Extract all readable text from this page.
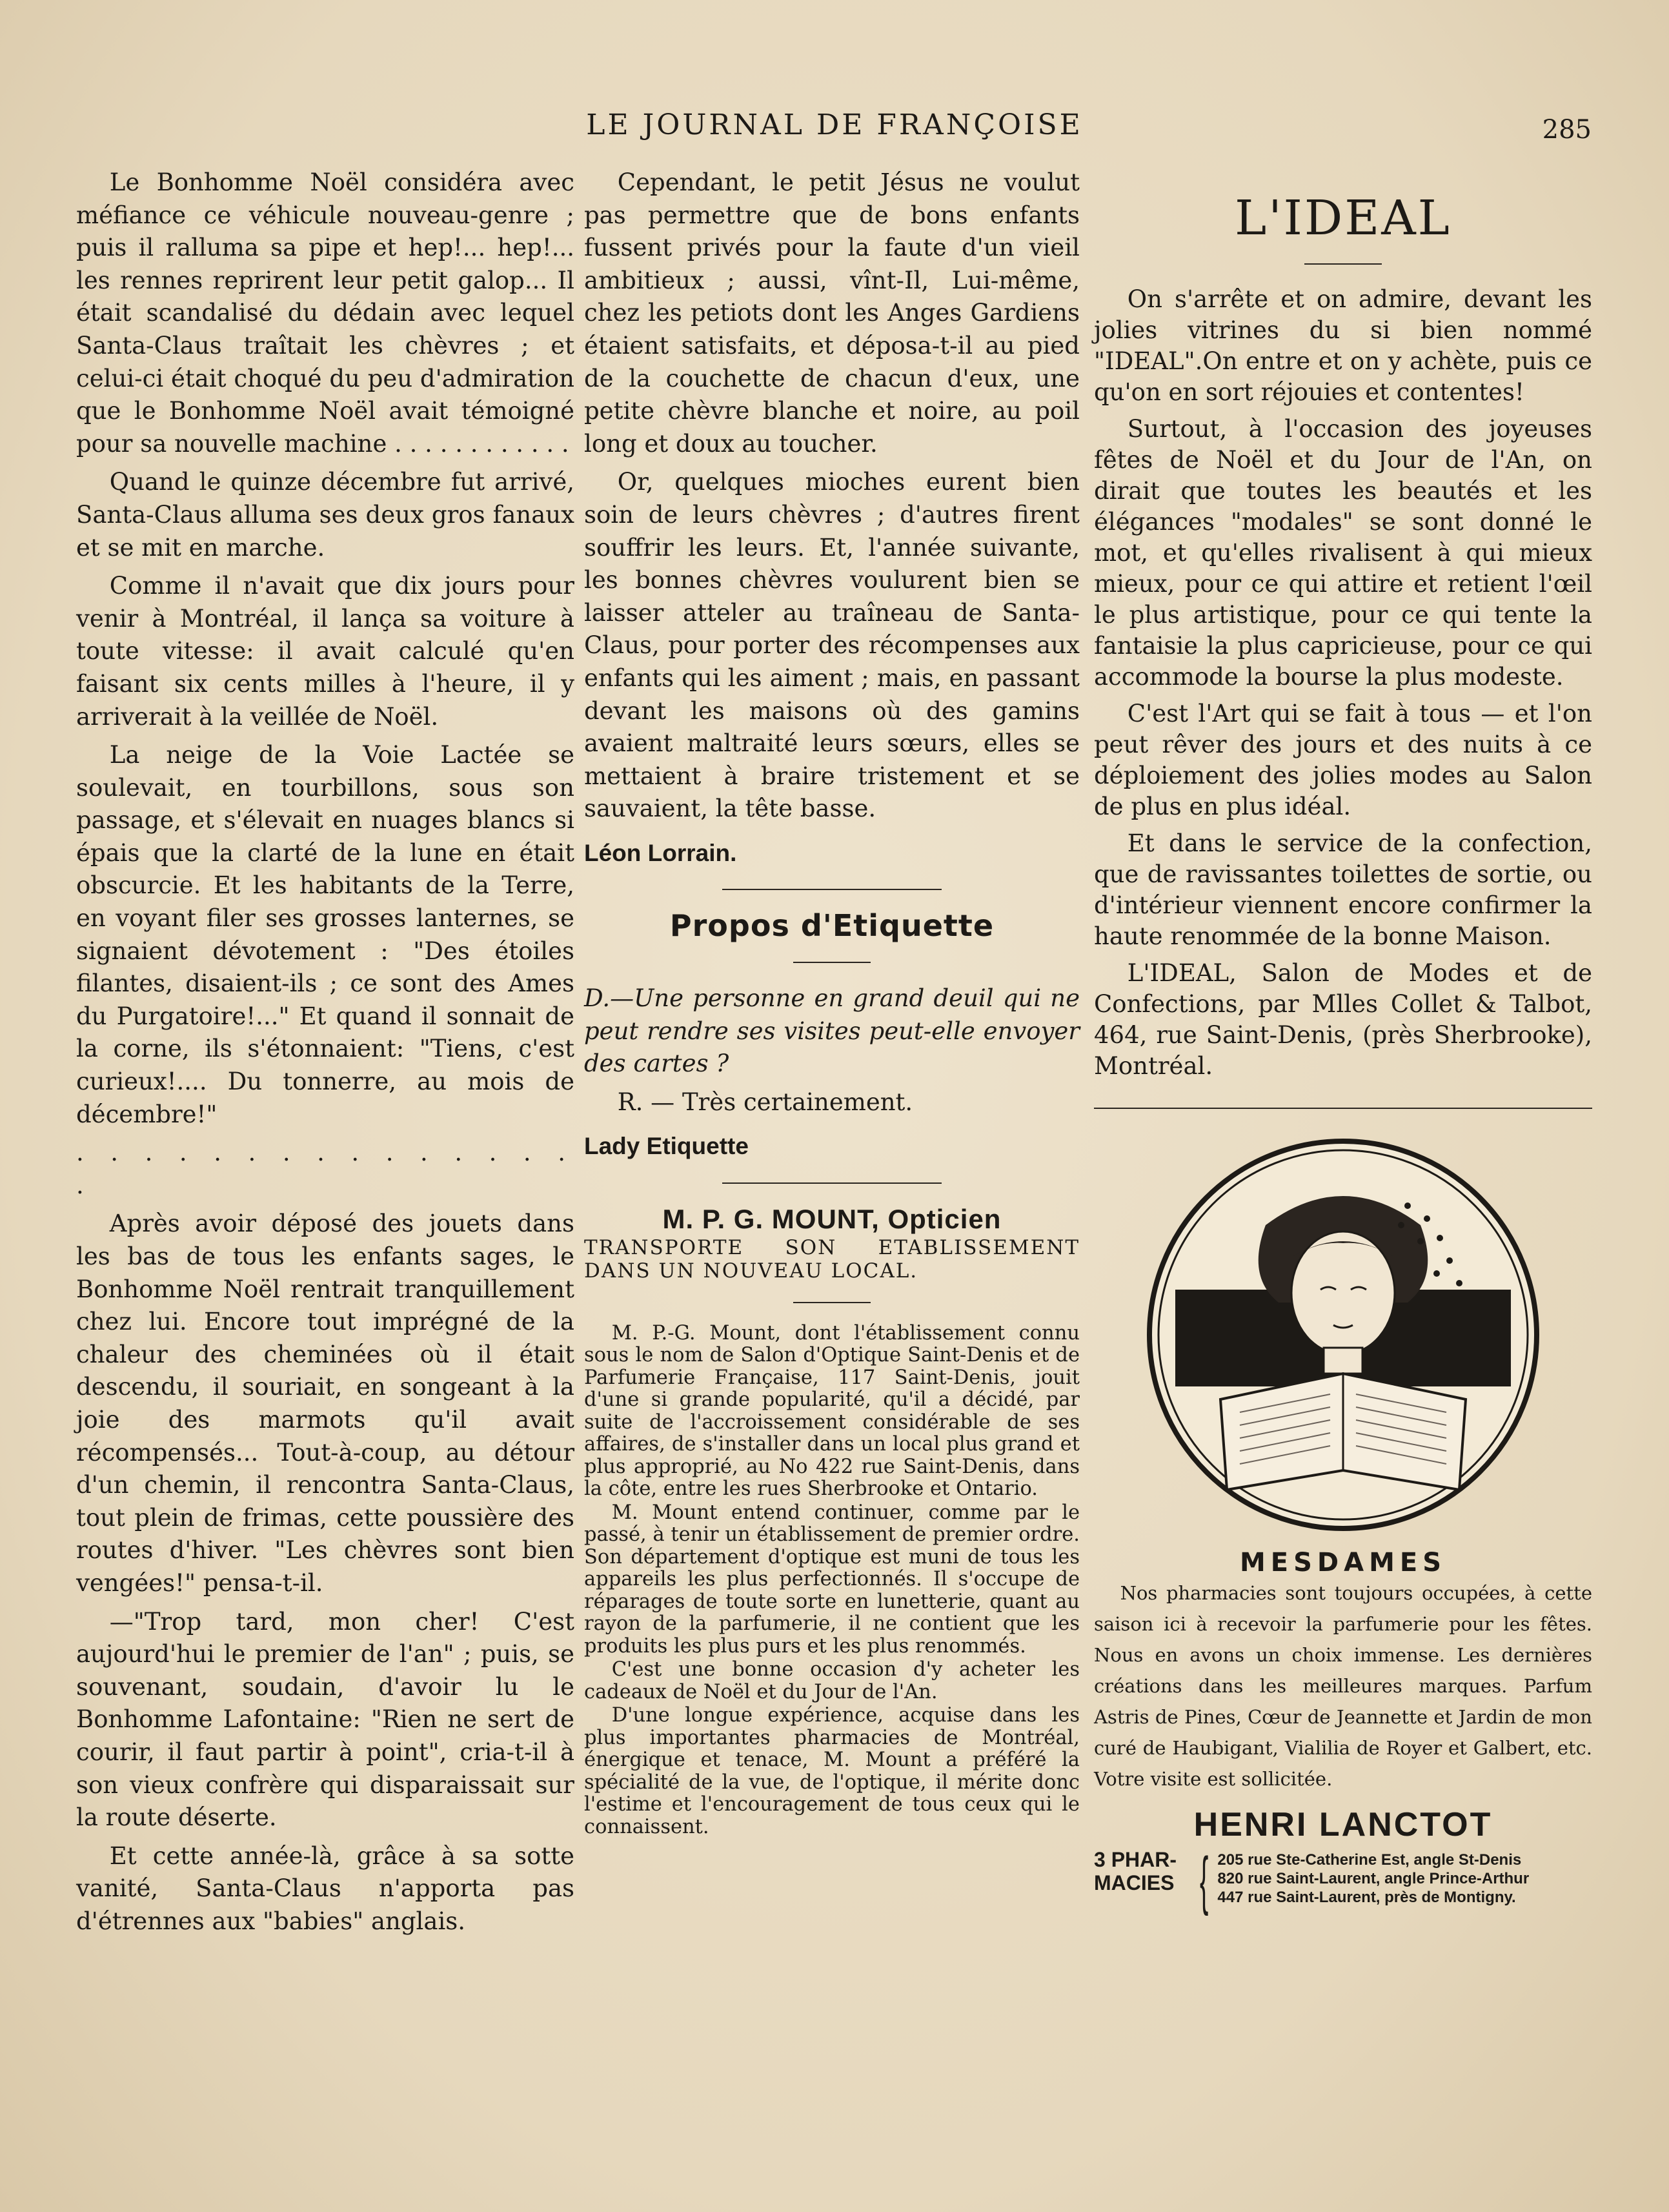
LE JOURNAL DE FRANÇOISE	285

Le Bonhomme Noël considéra avec méfiance ce véhicule nouveau-genre ; puis il ralluma sa pipe et hep!... hep!... les rennes reprirent leur petit galop... Il était scandalisé du dédain avec lequel Santa-Claus traîtait les chèvres ; et celui-ci était choqué du peu d'admiration que le Bonhomme Noël avait témoigné pour sa nouvelle machine . . . . . . . . . . . .

Quand le quinze décembre fut arrivé, Santa-Claus alluma ses deux gros fanaux et se mit en marche.

Comme il n'avait que dix jours pour venir à Montréal, il lança sa voiture à toute vitesse: il avait calculé qu'en faisant six cents milles à l'heure, il y arriverait à la veillée de Noël.

La neige de la Voie Lactée se soulevait, en tourbillons, sous son passage, et s'élevait en nuages blancs si épais que la clarté de la lune en était obscurcie. Et les habitants de la Terre, en voyant filer ses grosses lanternes, se signaient dévotement : "Des étoiles filantes, disaient-ils ; ce sont des Ames du Purgatoire!..." Et quand il sonnait de la corne, ils s'étonnaient: "Tiens, c'est curieux!.... Du tonnerre, au mois de décembre!"

. . . . . . . . . . . . . . . .

Après avoir déposé des jouets dans les bas de tous les enfants sages, le Bonhomme Noël rentrait tranquillement chez lui. Encore tout imprégné de la chaleur des cheminées où il était descendu, il souriait, en songeant à la joie des marmots qu'il avait récompensés... Tout-à-coup, au détour d'un chemin, il rencontra Santa-Claus, tout plein de frimas, cette poussière des routes d'hiver. "Les chèvres sont bien vengées!" pensa-t-il.

—"Trop tard, mon cher! C'est aujourd'hui le premier de l'an" ; puis, se souvenant, soudain, d'avoir lu le Bonhomme Lafontaine: "Rien ne sert de courir, il faut partir à point", cria-t-il à son vieux confrère qui disparaissait sur la route déserte.

Et cette année-là, grâce à sa sotte vanité, Santa-Claus n'apporta pas d'étrennes aux "babies" anglais.

Cependant, le petit Jésus ne voulut pas permettre que de bons enfants fussent privés pour la faute d'un vieil ambitieux ; aussi, vînt-Il, Lui-même, chez les petiots dont les Anges Gardiens étaient satisfaits, et déposa-t-il au pied de la couchette de chacun d'eux, une petite chèvre blanche et noire, au poil long et doux au toucher.

Or, quelques mioches eurent bien soin de leurs chèvres ; d'autres firent souffrir les leurs. Et, l'année suivante, les bonnes chèvres voulurent bien se laisser atteler au traîneau de Santa-Claus, pour porter des récompenses aux enfants qui les aiment ; mais, en passant devant les maisons où des gamins avaient maltraité leurs sœurs, elles se mettaient à braire tristement et se sauvaient, la tête basse.

Léon Lorrain.

Propos d'Etiquette

D.—Une personne en grand deuil qui ne peut rendre ses visites peut-elle envoyer des cartes ?

R. — Très certainement.

Lady Etiquette

M. P. G. MOUNT, Opticien

TRANSPORTE SON ETABLISSEMENT DANS UN NOUVEAU LOCAL.

M. P.-G. Mount, dont l'établissement connu sous le nom de Salon d'Optique Saint-Denis et de Parfumerie Française, 117 Saint-Denis, jouit d'une si grande popularité, qu'il a décidé, par suite de l'accroissement considérable de ses affaires, de s'installer dans un local plus grand et plus approprié, au No 422 rue Saint-Denis, dans la côte, entre les rues Sherbrooke et Ontario.

M. Mount entend continuer, comme par le passé, à tenir un établissement de premier ordre. Son département d'optique est muni de tous les appareils les plus perfectionnés. Il s'occupe de réparages de toute sorte en lunetterie, quant au rayon de la parfumerie, il ne contient que les produits les plus purs et les plus renommés.

C'est une bonne occasion d'y acheter les cadeaux de Noël et du Jour de l'An.

D'une longue expérience, acquise dans les plus importantes pharmacies de Montréal, énergique et tenace, M. Mount a préféré la spécialité de la vue, de l'optique, il mérite donc l'estime et l'encouragement de tous ceux qui le connaissent.

L'IDEAL

On s'arrête et on admire, devant les jolies vitrines du si bien nommé "IDEAL".On entre et on y achète, puis ce qu'on en sort réjouies et contentes!

Surtout, à l'occasion des joyeuses fêtes de Noël et du Jour de l'An, on dirait que toutes les beautés et les élégances "modales" se sont donné le mot, et qu'elles rivalisent à qui mieux mieux, pour ce qui attire et retient l'œil le plus artistique, pour ce qui tente la fantaisie la plus capricieuse, pour ce qui accommode la bourse la plus modeste.

C'est l'Art qui se fait à tous — et l'on peut rêver des jours et des nuits à ce déploiement des jolies modes au Salon de plus en plus idéal.

Et dans le service de la confection, que de ravissantes toilettes de sortie, ou d'intérieur viennent encore confirmer la haute renommée de la bonne Maison.

L'IDEAL, Salon de Modes et de Confections, par Mlles Collet & Talbot, 464, rue Saint-Denis, (près Sherbrooke), Montréal.

MESDAMES

Nos pharmacies sont toujours occupées, à cette saison ici à recevoir la parfumerie pour les fêtes. Nous en avons un choix immense. Les dernières créations dans les meilleures marques. Parfum Astris de Pines, Cœur de Jeannette et Jardin de mon curé de Haubigant, Vialilia de Royer et Galbert, etc. Votre visite est sollicitée.

HENRI LANCTOT
3 PHAR-MACIES { 205 rue Ste-Catherine Est, angle St-Denis
820 rue Saint-Laurent, angle Prince-Arthur
447 rue Saint-Laurent, près de Montigny.
